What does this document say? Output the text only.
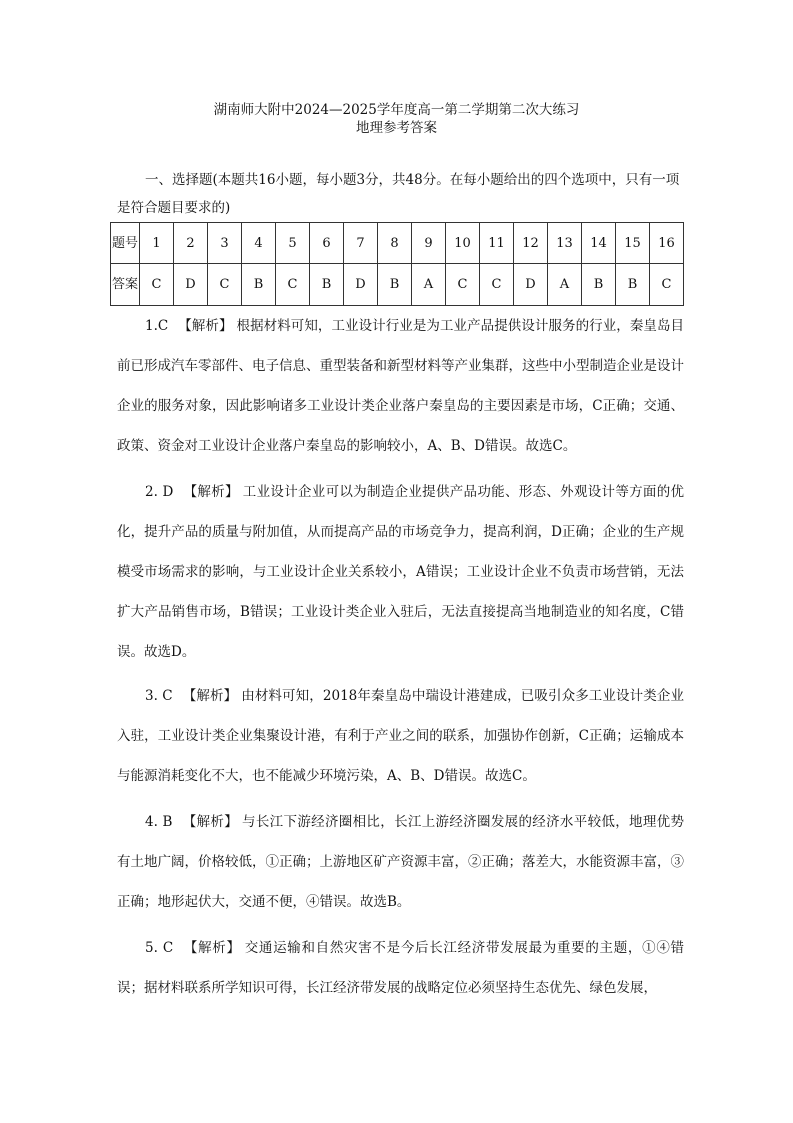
湖南师大附中2024—2025学年度高一第二学期第二次大练习
地理参考答案
一、选择题(本题共16小题，每小题3分，共48分。在每小题给出的四个选项中，只有一项是符合题目要求的)
题号	1	2	3	4	5	6	7	8	9	10	11	12	13	14	15	16
答案	C	D	C	B	C	B	D	B	A	C	C	D	A	B	B	C
1.C 【解析】 根据材料可知，工业设计行业是为工业产品提供设计服务的行业，秦皇岛目前已形成汽车零部件、电子信息、重型装备和新型材料等产业集群，这些中小型制造企业是设计企业的服务对象，因此影响诸多工业设计类企业落户秦皇岛的主要因素是市场，C正确；交通、政策、资金对工业设计企业落户秦皇岛的影响较小，A、B、D错误。故选C。
2. D 【解析】 工业设计企业可以为制造企业提供产品功能、形态、外观设计等方面的优化，提升产品的质量与附加值，从而提高产品的市场竞争力，提高利润，D正确；企业的生产规模受市场需求的影响，与工业设计企业关系较小，A错误；工业设计企业不负责市场营销，无法扩大产品销售市场，B错误；工业设计类企业入驻后，无法直接提高当地制造业的知名度，C错误。故选D。
3. C 【解析】 由材料可知，2018年秦皇岛中瑞设计港建成，已吸引众多工业设计类企业入驻，工业设计类企业集聚设计港，有利于产业之间的联系，加强协作创新，C正确；运输成本与能源消耗变化不大，也不能减少环境污染，A、B、D错误。故选C。
4. B 【解析】 与长江下游经济圈相比，长江上游经济圈发展的经济水平较低，地理优势有土地广阔，价格较低，①正确；上游地区矿产资源丰富，②正确；落差大，水能资源丰富，③正确；地形起伏大，交通不便，④错误。故选B。
5. C 【解析】 交通运输和自然灾害不是今后长江经济带发展最为重要的主题，①④错误；据材料联系所学知识可得，长江经济带发展的战略定位必须坚持生态优先、绿色发展，
